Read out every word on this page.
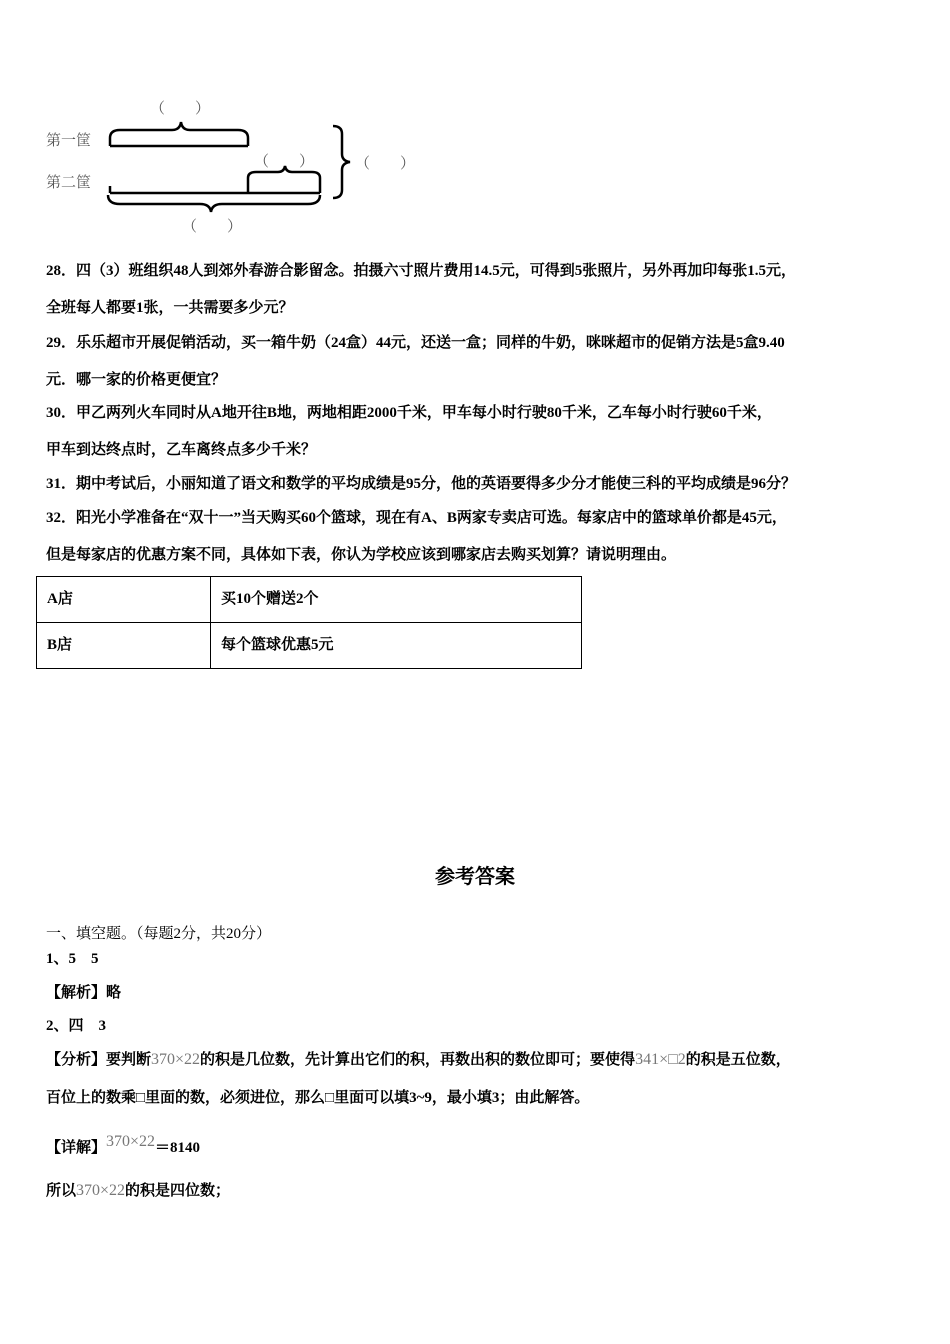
第一筐
第二筐
（　　）
（　　）	（　　）
（　　）
28．四（3）班组织48人到郊外春游合影留念。拍摄六寸照片费用14.5元，可得到5张照片，另外再加印每张1.5元，
全班每人都要1张，一共需要多少元？
29．乐乐超市开展促销活动，买一箱牛奶（24盒）44元，还送一盒；同样的牛奶，咪咪超市的促销方法是5盒9.40
元．哪一家的价格更便宜？
30．甲乙两列火车同时从A地开往B地，两地相距2000千米，甲车每小时行驶80千米，乙车每小时行驶60千米，
甲车到达终点时，乙车离终点多少千米？
31．期中考试后，小丽知道了语文和数学的平均成绩是95分，他的英语要得多少分才能使三科的平均成绩是96分？
32．阳光小学准备在“双十一”当天购买60个篮球，现在有A、B两家专卖店可选。每家店中的篮球单价都是45元，
但是每家店的优惠方案不同，具体如下表，你认为学校应该到哪家店去购买划算？请说明理由。
A店	买10个赠送2个
B店	每个篮球优惠5元
参考答案
一、填空题。（每题2分，共20分）
1、5　5
【解析】略
2、四　3
【分析】要判断370×22的积是几位数，先计算出它们的积，再数出积的数位即可；要使得341×□2的积是五位数，
百位上的数乘□里面的数，必须进位，那么□里面可以填3~9，最小填3；由此解答。
【详解】370×22＝8140
所以370×22的积是四位数；
